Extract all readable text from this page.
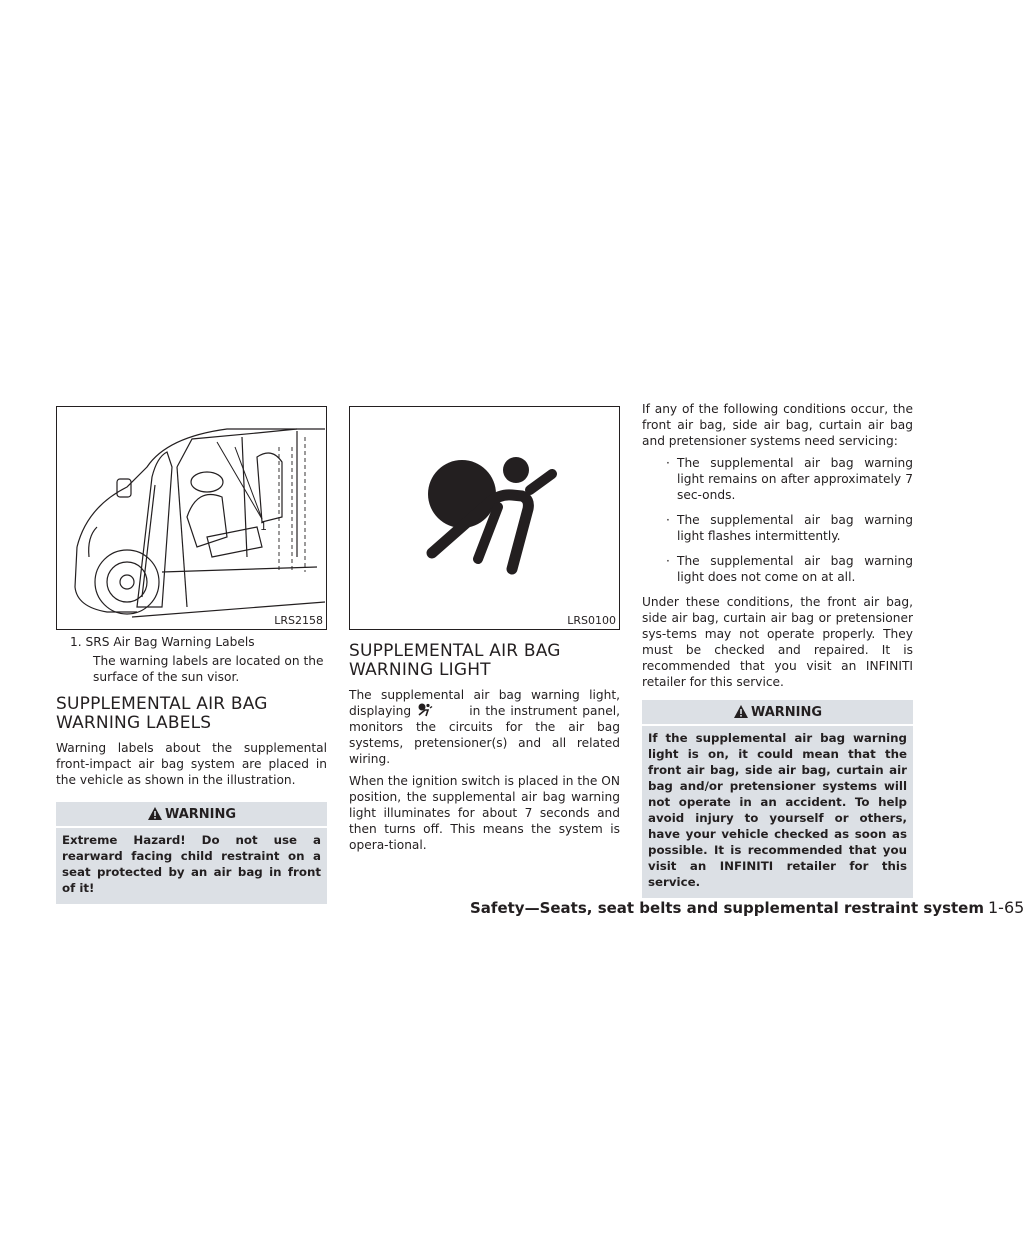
1
LRS2158
1. SRS Air Bag Warning Labels
The warning labels are located on the surface of the sun visor.
SUPPLEMENTAL AIR BAG
WARNING LABELS

Warning labels about the supplemental front-impact air bag system are placed in the vehicle as shown in the illustration.

WARNING
Extreme Hazard! Do not use a rearward facing child restraint on a seat protected by an air bag in front of it!
LRS0100
SUPPLEMENTAL AIR BAG
WARNING LIGHT

The supplemental air bag warning light, displaying	in the instrument panel, monitors the circuits for the air bag systems, pretensioner(s) and all related wiring.

When the ignition switch is placed in the ON position, the supplemental air bag warning light illuminates for about 7 seconds and then turns off. This means the system is opera-tional.

If any of the following conditions occur, the front air bag, side air bag, curtain air bag and pretensioner systems need servicing:

· The supplemental air bag warning light remains on after approximately 7 sec-onds.
· The supplemental air bag warning light flashes intermittently.
· The supplemental air bag warning light does not come on at all.

Under these conditions, the front air bag, side air bag, curtain air bag or pretensioner sys-tems may not operate properly. They must be checked and repaired. It is recommended that you visit an INFINITI retailer for this service.

WARNING
If the supplemental air bag warning light is on, it could mean that the front air bag, side air bag, curtain air bag and/or pretensioner systems will not operate in an accident. To help avoid injury to yourself or others, have your vehicle checked as soon as possible. It is recommended that you visit an INFINITI retailer for this service.
Safety—Seats, seat belts and supplemental restraint system 1-65
